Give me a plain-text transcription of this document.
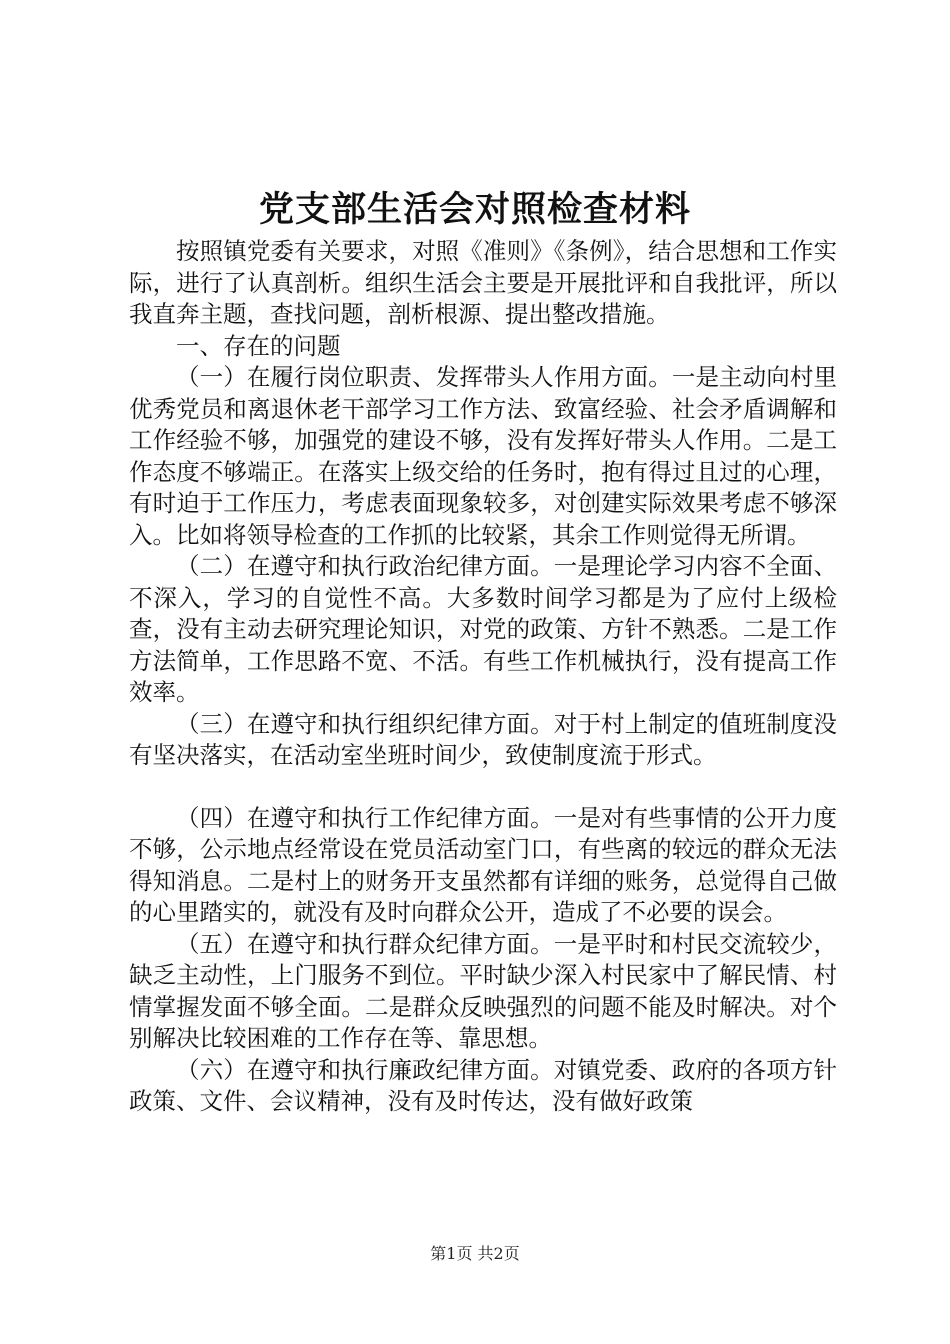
党支部生活会对照检查材料

按照镇党委有关要求，对照《准则》《条例》，结合思想和工作实际，进行了认真剖析。组织生活会主要是开展批评和自我批评，所以我直奔主题，查找问题，剖析根源、提出整改措施。

一、存在的问题

（一）在履行岗位职责、发挥带头人作用方面。一是主动向村里优秀党员和离退休老干部学习工作方法、致富经验、社会矛盾调解和工作经验不够，加强党的建设不够，没有发挥好带头人作用。二是工作态度不够端正。在落实上级交给的任务时，抱有得过且过的心理，有时迫于工作压力，考虑表面现象较多，对创建实际效果考虑不够深入。比如将领导检查的工作抓的比较紧，其余工作则觉得无所谓。

（二）在遵守和执行政治纪律方面。一是理论学习内容不全面、不深入，学习的自觉性不高。大多数时间学习都是为了应付上级检查，没有主动去研究理论知识，对党的政策、方针不熟悉。二是工作方法简单，工作思路不宽、不活。有些工作机械执行，没有提高工作效率。

（三）在遵守和执行组织纪律方面。对于村上制定的值班制度没有坚决落实，在活动室坐班时间少，致使制度流于形式。

（四）在遵守和执行工作纪律方面。一是对有些事情的公开力度不够，公示地点经常设在党员活动室门口，有些离的较远的群众无法得知消息。二是村上的财务开支虽然都有详细的账务，总觉得自己做的心里踏实的，就没有及时向群众公开，造成了不必要的误会。

（五）在遵守和执行群众纪律方面。一是平时和村民交流较少，缺乏主动性，上门服务不到位。平时缺少深入村民家中了解民情、村情掌握发面不够全面。二是群众反映强烈的问题不能及时解决。对个别解决比较困难的工作存在等、靠思想。

（六）在遵守和执行廉政纪律方面。对镇党委、政府的各项方针政策、文件、会议精神，没有及时传达，没有做好政策

第1页 共2页
